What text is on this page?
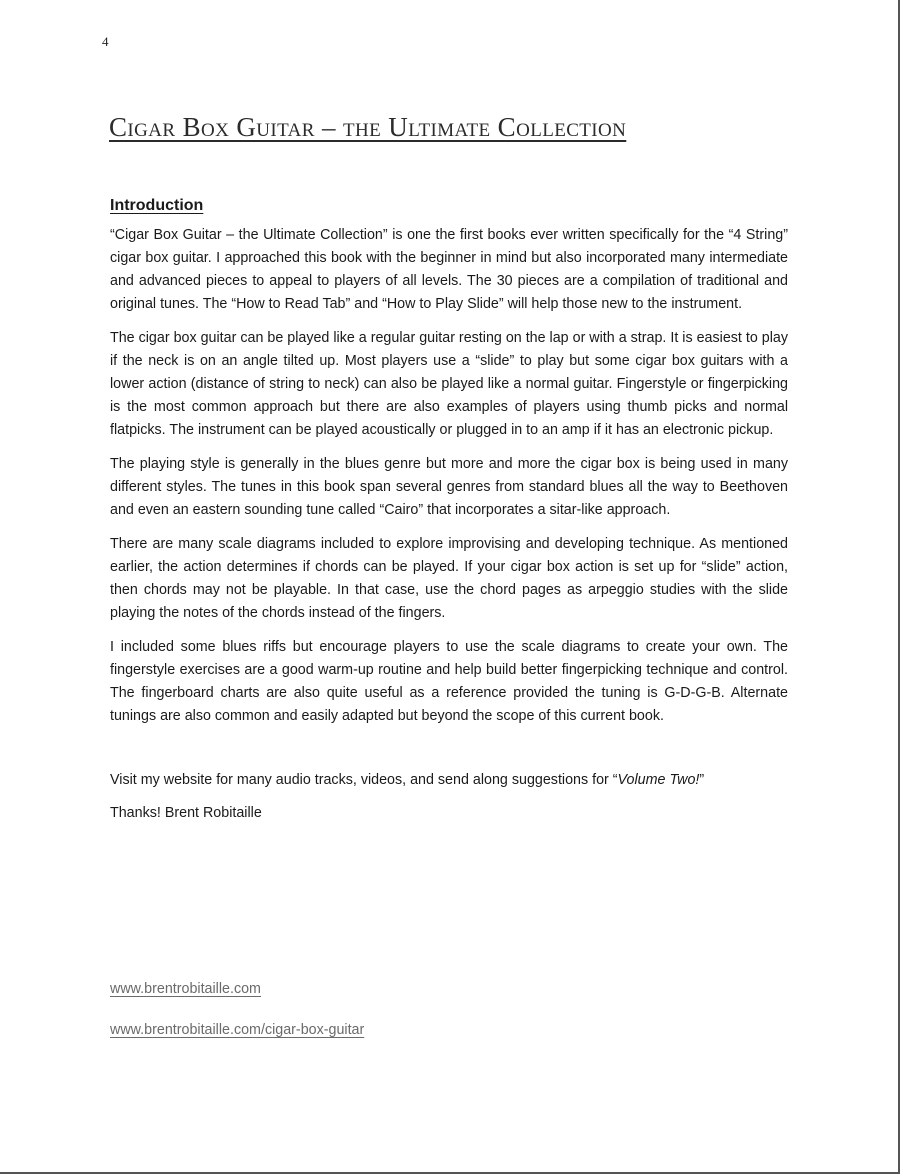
4
Cigar Box Guitar – the Ultimate Collection
Introduction

“Cigar Box Guitar – the Ultimate Collection” is one the first books ever written specifically for the “4 String” cigar box guitar. I approached this book with the beginner in mind but also incorporated many intermediate and advanced pieces to appeal to players of all levels. The 30 pieces are a compilation of traditional and original tunes. The “How to Read Tab” and “How to Play Slide” will help those new to the instrument.

The cigar box guitar can be played like a regular guitar resting on the lap or with a strap. It is easiest to play if the neck is on an angle tilted up. Most players use a “slide” to play but some cigar box guitars with a lower action (distance of string to neck) can also be played like a normal guitar. Fingerstyle or fingerpicking is the most common approach but there are also examples of players using thumb picks and normal flatpicks. The instrument can be played acoustically or plugged in to an amp if it has an electronic pickup.

The playing style is generally in the blues genre but more and more the cigar box is being used in many different styles. The tunes in this book span several genres from standard blues all the way to Beethoven and even an eastern sounding tune called “Cairo” that incorporates a sitar-like approach.

There are many scale diagrams included to explore improvising and developing technique. As mentioned earlier, the action determines if chords can be played. If your cigar box action is set up for “slide” action, then chords may not be playable. In that case, use the chord pages as arpeggio studies with the slide playing the notes of the chords instead of the fingers.

I included some blues riffs but encourage players to use the scale diagrams to create your own. The fingerstyle exercises are a good warm-up routine and help build better fingerpicking technique and control. The fingerboard charts are also quite useful as a reference provided the tuning is G-D-G-B. Alternate tunings are also common and easily adapted but beyond the scope of this current book.

Visit my website for many audio tracks, videos, and send along suggestions for “Volume Two!”

Thanks! Brent Robitaille

www.brentrobitaille.com
www.brentrobitaille.com/cigar-box-guitar
